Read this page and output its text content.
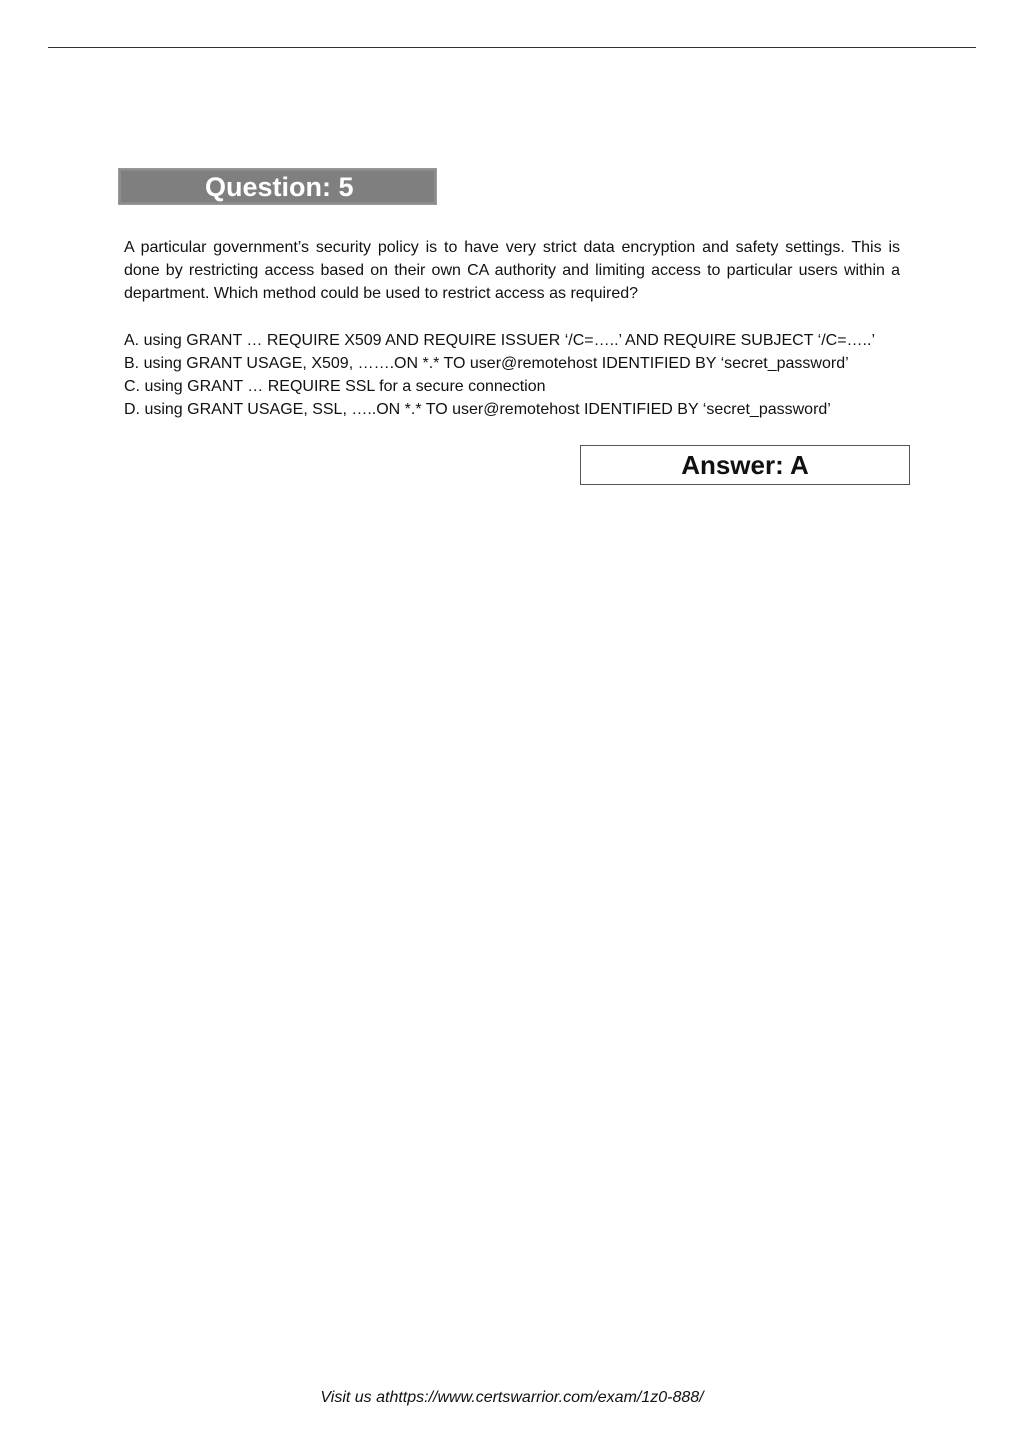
Question: 5
A particular government’s security policy is to have very strict data encryption and safety settings. This is done by restricting access based on their own CA authority and limiting access to particular users within a department. Which method could be used to restrict access as required?
A. using GRANT … REQUIRE X509 AND REQUIRE ISSUER ‘/C=…..’ AND REQUIRE SUBJECT ‘/C=…..’
B. using GRANT USAGE, X509, …….ON *.* TO user@remotehost IDENTIFIED BY ‘secret_password’
C. using GRANT … REQUIRE SSL for a secure connection
D. using GRANT USAGE, SSL, …..ON *.* TO user@remotehost IDENTIFIED BY ‘secret_password’
Answer: A
Visit us athttps://www.certswarrior.com/exam/1z0-888/
